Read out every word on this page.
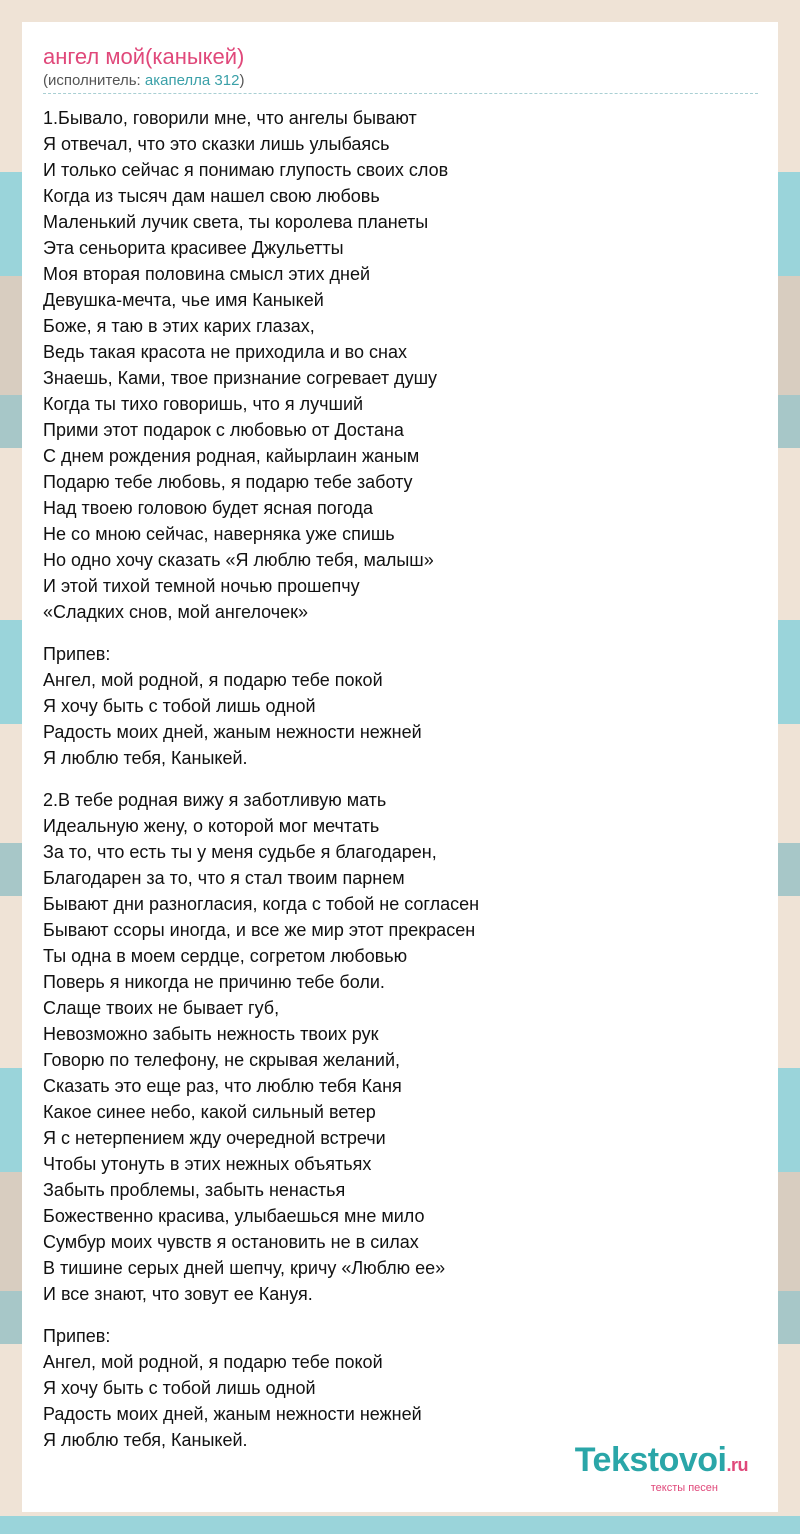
ангел мой(каныкей)
(исполнитель: акапелла 312)
1.Бывало, говорили мне, что ангелы бывают
Я отвечал, что это сказки лишь улыбаясь
И только сейчас я понимаю глупость своих слов
Когда из тысяч дам нашел свою любовь
Маленький лучик света, ты королева планеты
Эта сеньорита красивее Джульетты
Моя вторая половина смысл этих дней
Девушка-мечта, чье имя Каныкей
Боже, я таю в этих карих глазах,
Ведь такая красота не приходила и во снах
Знаешь, Ками, твое признание согревает душу
Когда ты тихо говоришь, что я лучший
Прими этот подарок с любовью от Достана
С днем рождения родная, кайырлаин жаным
Подарю тебе любовь, я подарю тебе заботу
Над твоею головою будет ясная погода
Не со мною сейчас, наверняка уже спишь
Но одно хочу сказать «Я люблю тебя, малыш»
И этой тихой темной ночью прошепчу
«Сладких снов, мой ангелочек»
Припев:
Ангел, мой родной, я подарю тебе покой
Я хочу быть с тобой лишь одной
Радость моих дней, жаным нежности нежней
Я люблю тебя, Каныкей.
2.В тебе родная вижу я заботливую мать
Идеальную жену, о которой мог мечтать
За то, что есть ты у меня судьбе я благодарен,
Благодарен за то, что я стал твоим парнем
Бывают дни разногласия, когда с тобой не согласен
Бывают ссоры иногда, и все же мир этот прекрасен
Ты одна в моем сердце, согретом любовью
Поверь я никогда не причиню тебе боли.
Слаще твоих не бывает губ,
Невозможно забыть нежность твоих рук
Говорю по телефону, не скрывая желаний,
Сказать это еще раз, что люблю тебя Каня
Какое синее небо, какой сильный ветер
Я с нетерпением жду очередной встречи
Чтобы утонуть в этих нежных объятьях
Забыть проблемы, забыть ненастья
Божественно красива, улыбаешься мне мило
Сумбур моих чувств я остановить не в силах
В тишине серых дней шепчу, кричу «Люблю ее»
И все знают, что зовут ее Кануя.
Припев:
Ангел, мой родной, я подарю тебе покой
Я хочу быть с тобой лишь одной
Радость моих дней, жаным нежности нежней
Я люблю тебя, Каныкей.
Tekstovoi.ru
тексты песен
